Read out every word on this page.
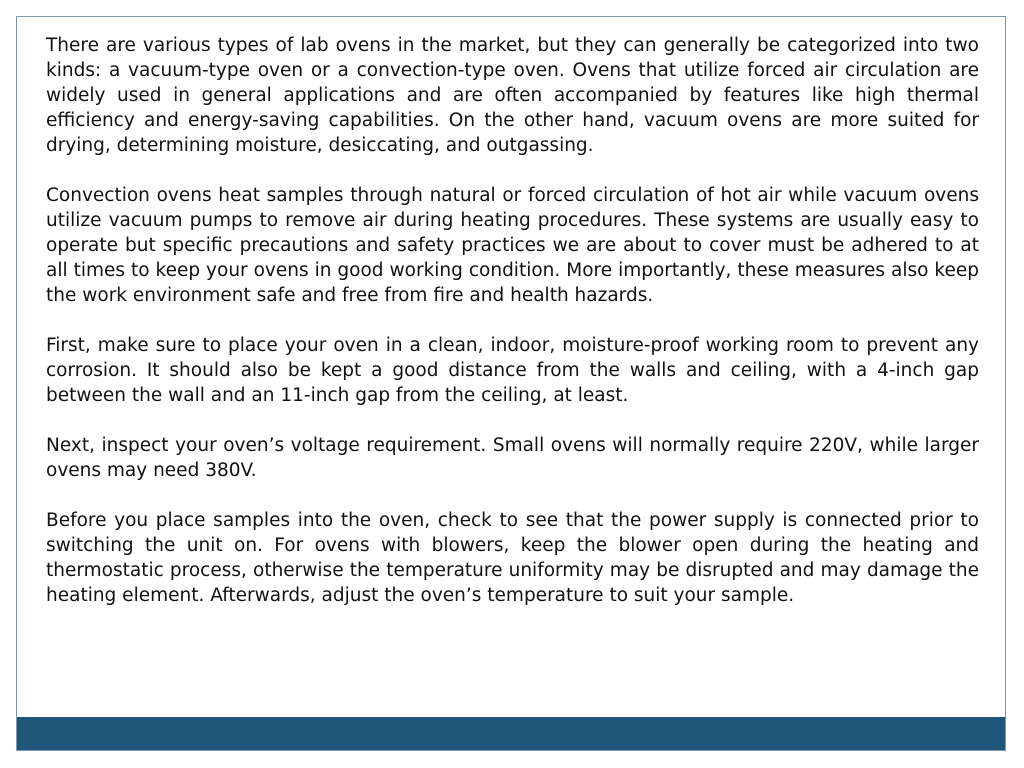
There are various types of lab ovens in the market, but they can generally be categorized into two kinds: a vacuum-type oven or a convection-type oven. Ovens that utilize forced air circulation are widely used in general applications and are often accompanied by features like high thermal efficiency and energy-saving capabilities. On the other hand, vacuum ovens are more suited for drying, determining moisture, desiccating, and outgassing.

Convection ovens heat samples through natural or forced circulation of hot air while vacuum ovens utilize vacuum pumps to remove air during heating procedures. These systems are usually easy to operate but specific precautions and safety practices we are about to cover must be adhered to at all times to keep your ovens in good working condition. More importantly, these measures also keep the work environment safe and free from fire and health hazards.

First, make sure to place your oven in a clean, indoor, moisture-proof working room to prevent any corrosion. It should also be kept a good distance from the walls and ceiling, with a 4-inch gap between the wall and an 11-inch gap from the ceiling, at least.

Next, inspect your oven’s voltage requirement. Small ovens will normally require 220V, while larger ovens may need 380V.

Before you place samples into the oven, check to see that the power supply is connected prior to switching the unit on. For ovens with blowers, keep the blower open during the heating and thermostatic process, otherwise the temperature uniformity may be disrupted and may damage the heating element. Afterwards, adjust the oven’s temperature to suit your sample.
